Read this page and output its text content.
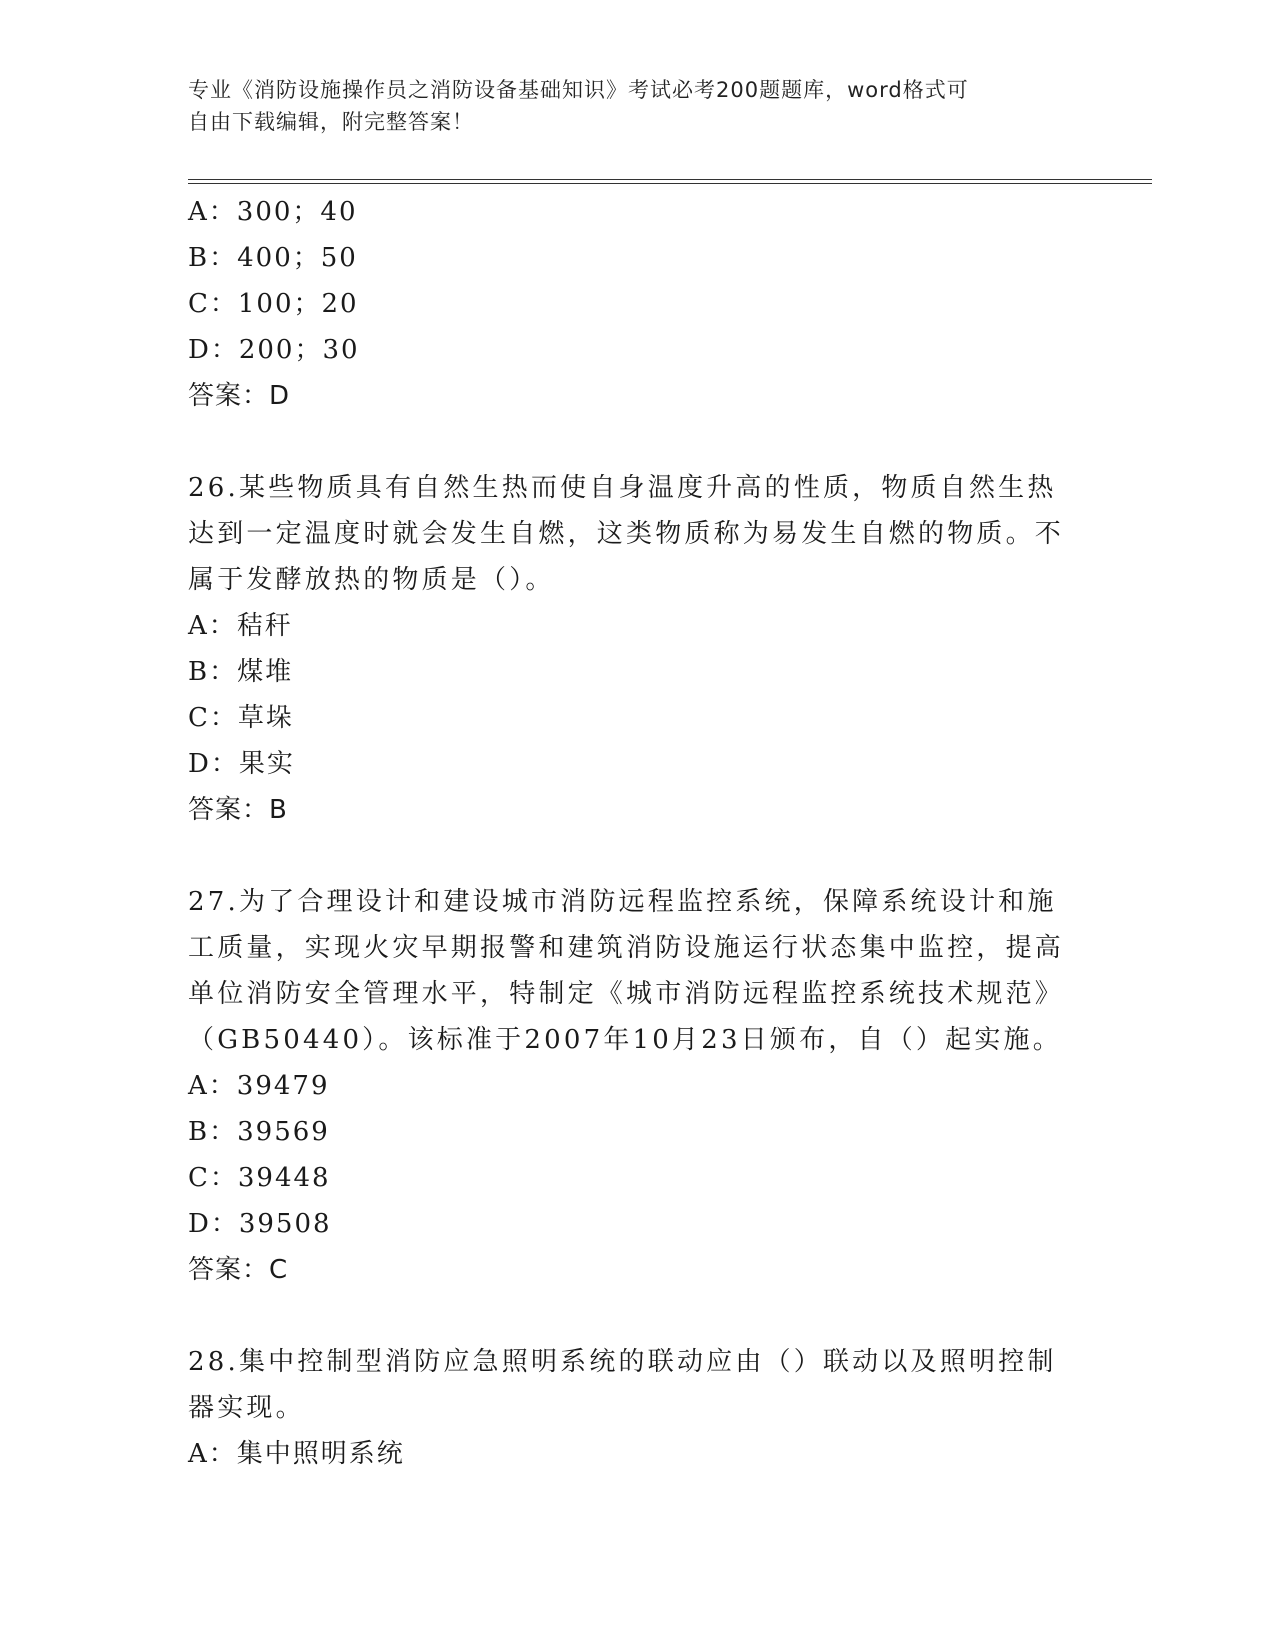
专业《消防设施操作员之消防设备基础知识》考试必考200题题库，word格式可
自由下载编辑，附完整答案！
A：300；40
B：400；50
C：100；20
D：200；30
答案：D
26.某些物质具有自然生热而使自身温度升高的性质，物质自然生热达到一定温度时就会发生自燃，这类物质称为易发生自燃的物质。不属于发酵放热的物质是（）。
A：秸秆
B：煤堆
C：草垛
D：果实
答案：B
27.为了合理设计和建设城市消防远程监控系统，保障系统设计和施工质量，实现火灾早期报警和建筑消防设施运行状态集中监控，提高单位消防安全管理水平，特制定《城市消防远程监控系统技术规范》（GB50440）。该标准于2007年10月23日颁布，自（）起实施。
A：39479
B：39569
C：39448
D：39508
答案：C
28.集中控制型消防应急照明系统的联动应由（）联动以及照明控制器实现。
A：集中照明系统
